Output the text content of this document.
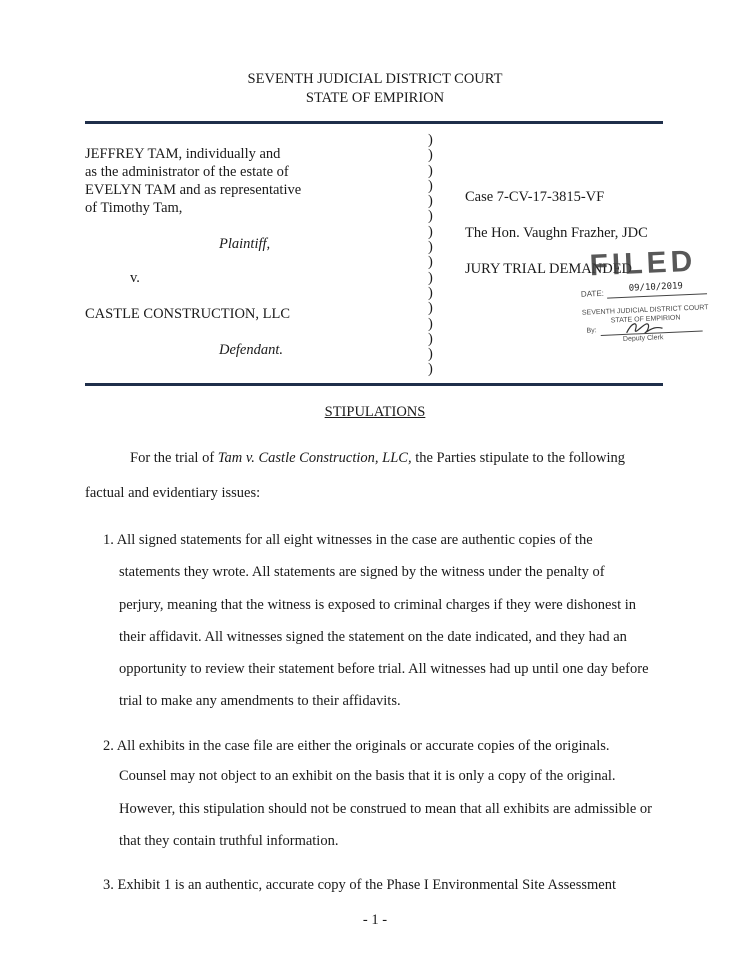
SEVENTH JUDICIAL DISTRICT COURT
STATE OF EMPIRION
JEFFREY TAM, individually and
as the administrator of the estate of
EVELYN TAM and as representative
of Timothy Tam,
Plaintiff,
v.
CASTLE CONSTRUCTION, LLC
Defendant.
)
)
)
)
)
)
)
)
)
)
)
)
)
)
)
)
Case 7-CV-17-3815-VF
The Hon. Vaughn Frazher, JDC
JURY TRIAL DEMANDED
FILED
DATE:
09/10/2019
SEVENTH JUDICIAL DISTRICT COURT
STATE OF EMPIRION
By:
Deputy Clerk
STIPULATIONS
For the trial of Tam v. Castle Construction, LLC, the Parties stipulate to the following
factual and evidentiary issues:
1. All signed statements for all eight witnesses in the case are authentic copies of the
statements they wrote. All statements are signed by the witness under the penalty of
perjury, meaning that the witness is exposed to criminal charges if they were dishonest in
their affidavit. All witnesses signed the statement on the date indicated, and they had an
opportunity to review their statement before trial. All witnesses had up until one day before
trial to make any amendments to their affidavits.
2. All exhibits in the case file are either the originals or accurate copies of the originals.
Counsel may not object to an exhibit on the basis that it is only a copy of the original.
However, this stipulation should not be construed to mean that all exhibits are admissible or
that they contain truthful information.
3. Exhibit 1 is an authentic, accurate copy of the Phase I Environmental Site Assessment
- 1 -
